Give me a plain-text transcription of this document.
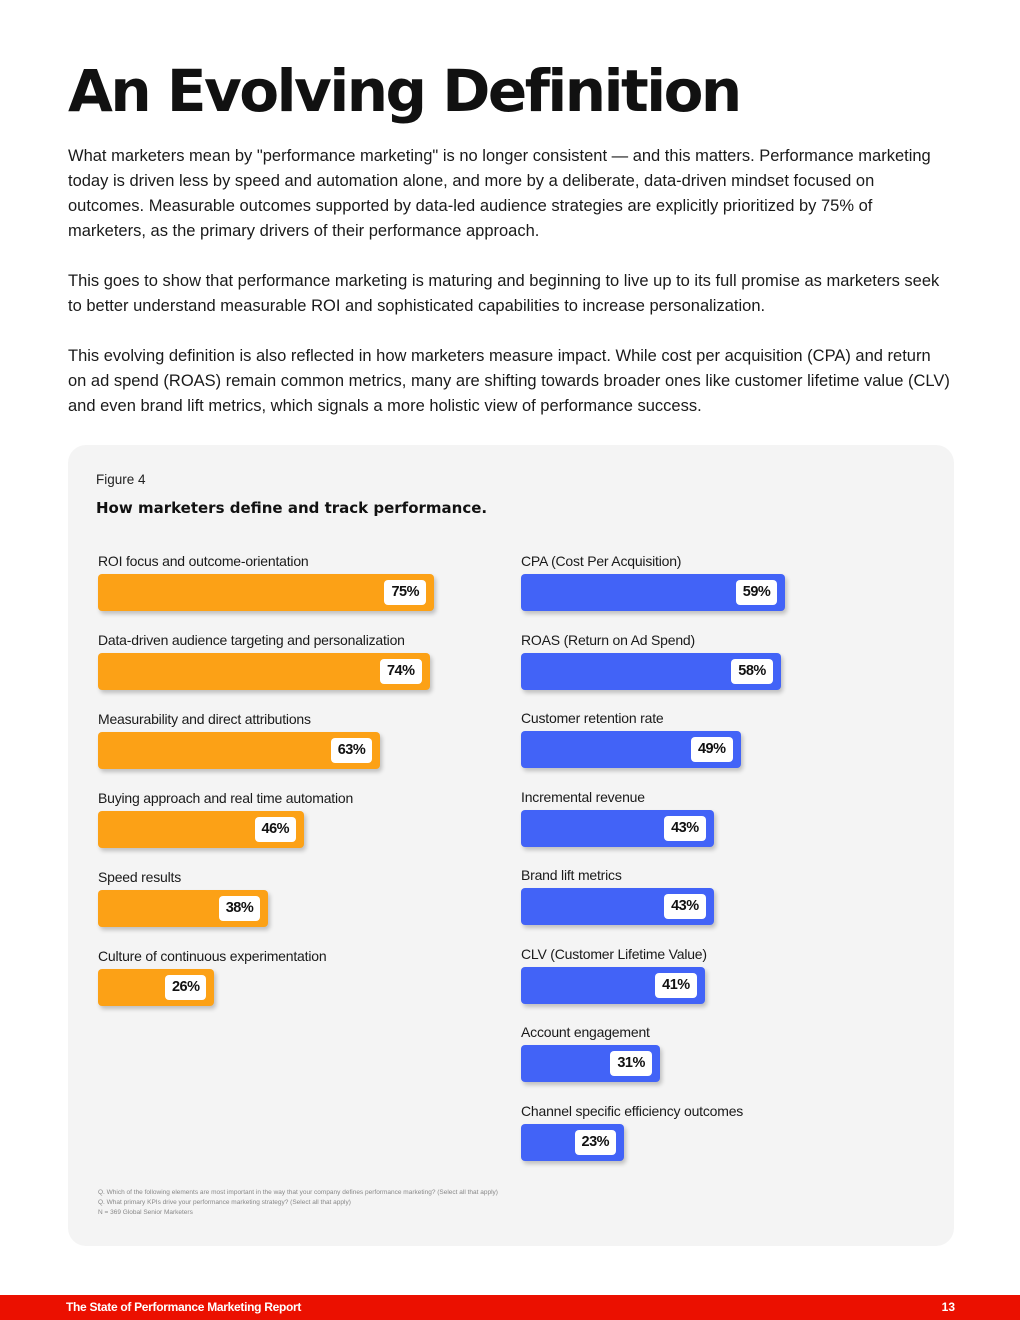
An Evolving Definition

What marketers mean by "performance marketing" is no longer consistent — and this matters. Performance marketing today is driven less by speed and automation alone, and more by a deliberate, data-driven mindset focused on outcomes. Measurable outcomes supported by data-led audience strategies are explicitly prioritized by 75% of marketers, as the primary drivers of their performance approach.

This goes to show that performance marketing is maturing and beginning to live up to its full promise as marketers seek to better understand measurable ROI and sophisticated capabilities to increase personalization.

This evolving definition is also reflected in how marketers measure impact. While cost per acquisition (CPA) and return on ad spend (ROAS) remain common metrics, many are shifting towards broader ones like customer lifetime value (CLV) and even brand lift metrics, which signals a more holistic view of performance success.

Figure 4
How marketers define and track performance.
ROI focus and outcome-orientation
75%
Data-driven audience targeting and personalization
74%
Measurability and direct attributions
63%
Buying approach and real time automation
46%
Speed results
38%
Culture of continuous experimentation
26%
CPA (Cost Per Acquisition)
59%
ROAS (Return on Ad Spend)
58%
Customer retention rate
49%
Incremental revenue
43%
Brand lift metrics
43%
CLV (Customer Lifetime Value)
41%
Account engagement
31%
Channel specific efficiency outcomes
23%
Q. Which of the following elements are most important in the way that your company defines performance marketing? (Select all that apply)
Q. What primary KPIs drive your performance marketing strategy? (Select all that apply)
N = 369 Global Senior Marketers
The State of Performance Marketing Report	13
